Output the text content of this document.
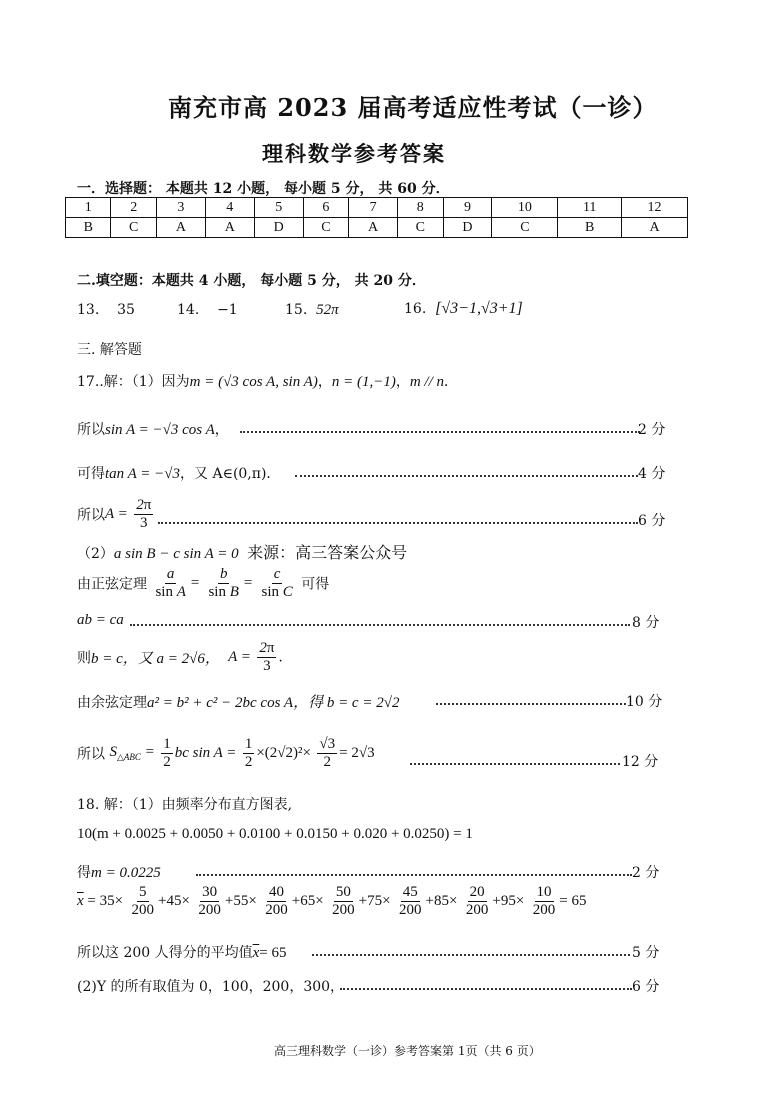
南充市高 2023 届高考适应性考试（一诊）
理科数学参考答案
一．选择题： 本题共 12 小题， 每小题 5 分， 共 60 分．
1	2	3	4	5	6	7	8	9	10	11	12
B	C	A	A	D	C	A	C	D	C	B	A
二.填空题：本题共 4 小题， 每小题 5 分， 共 20 分．
13. 35	14. −1	15. 52π	16. [√3−1,√3+1]
三. 解答题
17..解：（1）因为m = (√3 cos A, sin A)，n = (1,−1)，m // n．
所以sin A = −√3 cos A，	2 分
可得tan A = −√3，又 A∈(0,π)．	4 分
所以$A = \frac{2\pi}{3}$	6 分
（2）a sin B − c sin A = 0 来源：高三答案公众号
由正弦定理 $\frac{a}{\text{sin A}} = \frac{b}{\text{sin B}} = \frac{c}{\text{sin C}}$ 可得
ab = ca	8 分
则b = c，又 a = 2√6，  $A = \frac{2\pi}{3}$ .
由余弦定理a² = b² + c² − 2bc cos A，得 b = c = 2√2	10 分
所以 $S_{\triangle ABC} = \frac{1}{2}$ bc $\sin A = \frac{1}{2} \times(2√2)^2\times \frac{√3}{2} = 2√3$
12 分
18. 解：（1）由频率分布直方图表,
10(m + 0.0025 + 0.0050 + 0.0100 + 0.0150 + 0.020 + 0.0250) = 1
得m = 0.0225	2 分
$\overline{x} = 35\times \frac{5}{200} +45\times \frac{30}{200} +55\times \frac{40}{200} +65\times \frac{50}{200} +75\times \frac{45}{200} +85\times \frac{20}{200} +95\times \frac{10}{200} = 65$
所以这 200 人得分的平均值$\overline{x}= 65$	5 分
(2)Y 的所有取值为 0，100，200，300，	6 分
高三理科数学（一诊）参考答案第 1页（共 6 页）
